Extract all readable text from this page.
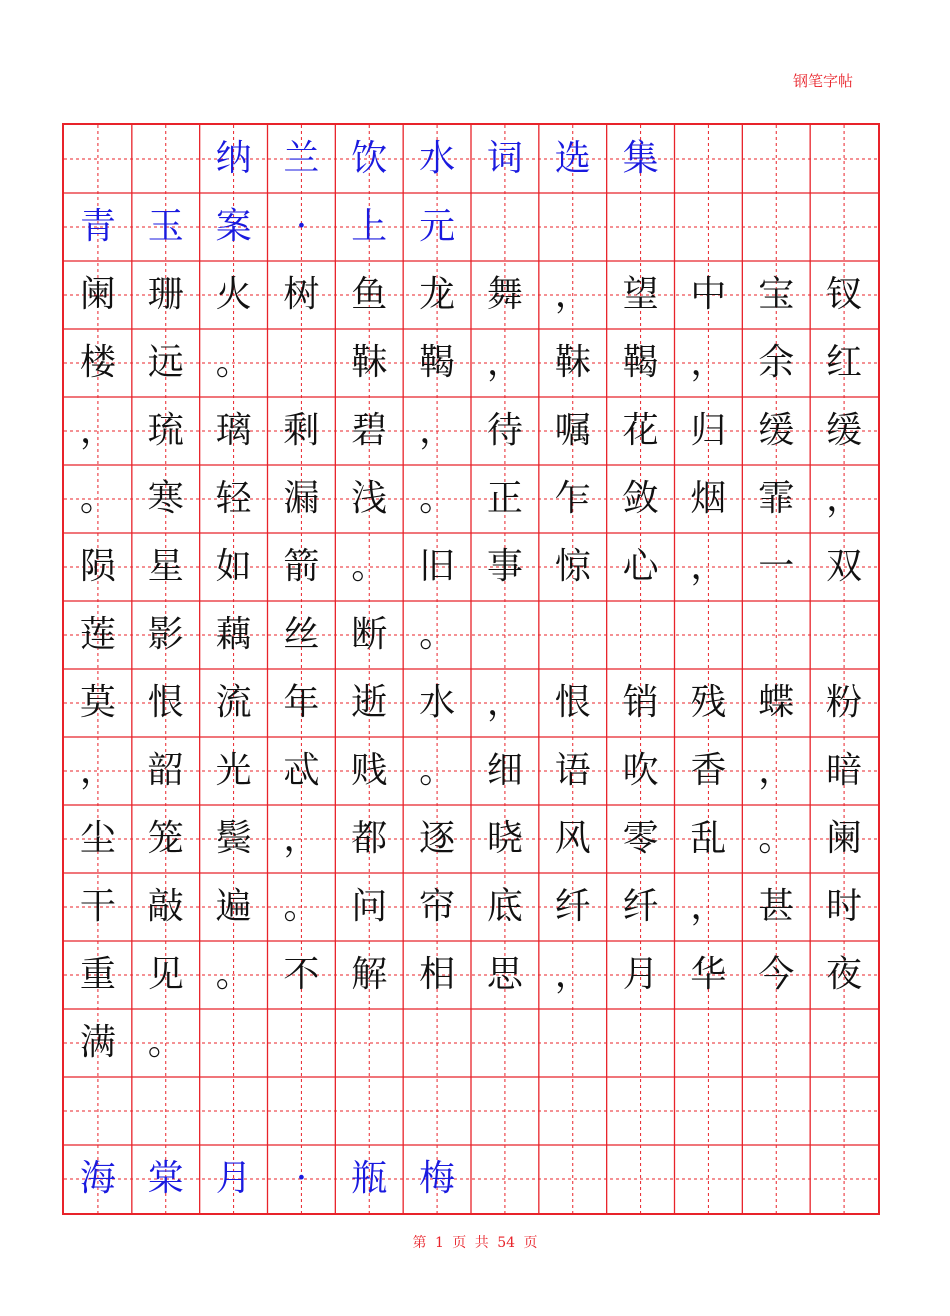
钢笔字帖
纳 兰 饮 水 词 选 集
青 玉 案	·	上 元
阑 珊 火 树 鱼 龙 舞 ， 望 中 宝 钗
楼 远 。	靺 鞨 ， 靺 鞨 ， 余 红
， 琉 璃 剩 碧 ， 待 嘱 花 归 缓 缓
。 寒 轻 漏 浅 。 正 乍 敛 烟 霏 ，
陨 星 如 箭 。 旧 事 惊 心 ， 一 双
莲 影 藕 丝 断 。
莫 恨 流 年 逝 水 ， 恨 销 残 蝶 粉
， 韶 光 忒 贱 。 细 语 吹 香 ， 暗
尘 笼 鬓 ， 都 逐 晓 风 零 乱 。 阑
干 敲 遍 。 问 帘 底 纤 纤 ， 甚 时
重 见 。 不 解 相 思 ， 月 华 今 夜
满 。
海 棠 月	·	瓶 梅
第 1 页 共 54 页
